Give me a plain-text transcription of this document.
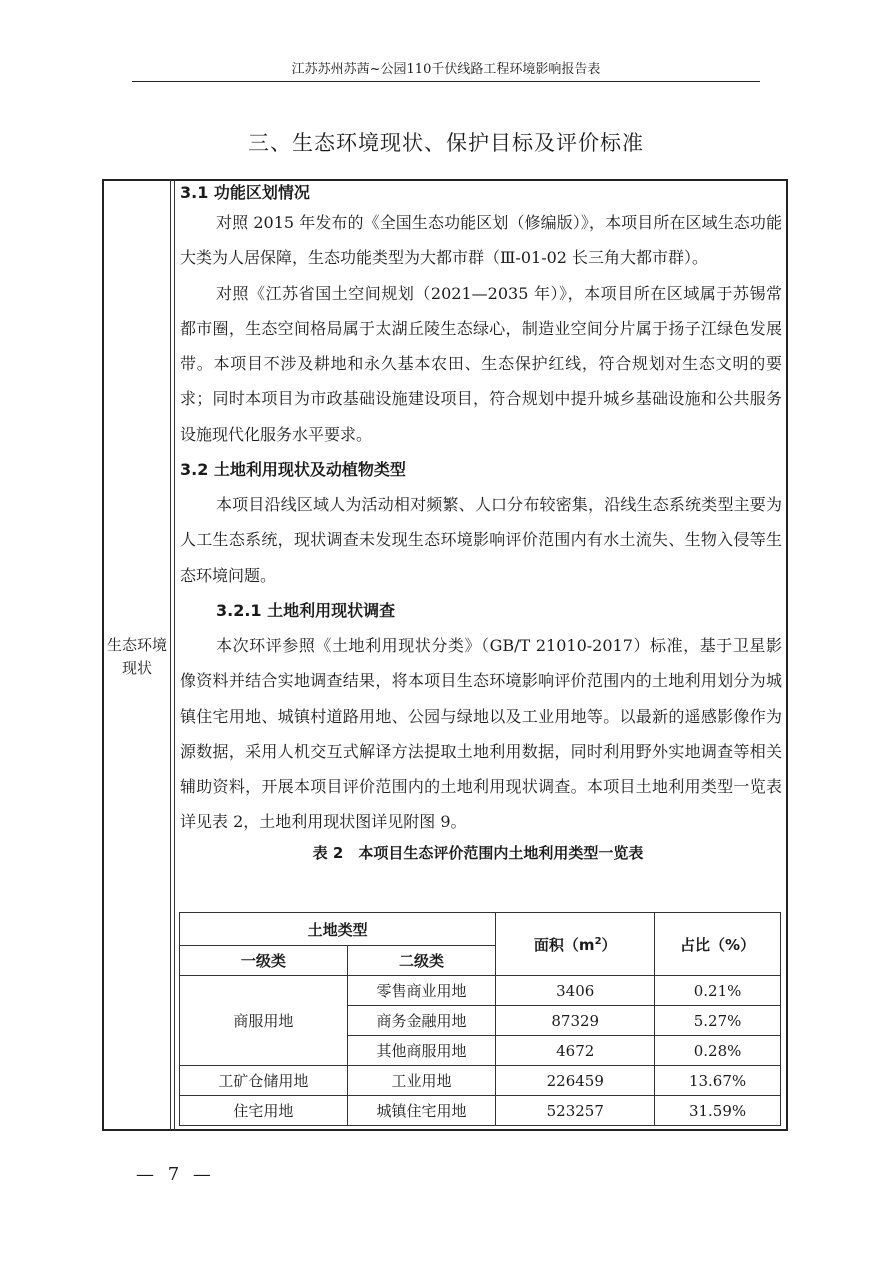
江苏苏州苏茜~公园110千伏线路工程环境影响报告表
三、生态环境现状、保护目标及评价标准
生态环境现状
3.1 功能区划情况

对照 2015 年发布的《全国生态功能区划（修编版）》，本项目所在区域生态功能大类为人居保障，生态功能类型为大都市群（Ⅲ-01-02 长三角大都市群）。

对照《江苏省国土空间规划（2021—2035 年）》，本项目所在区域属于苏锡常都市圈，生态空间格局属于太湖丘陵生态绿心，制造业空间分片属于扬子江绿色发展带。本项目不涉及耕地和永久基本农田、生态保护红线，符合规划对生态文明的要求；同时本项目为市政基础设施建设项目，符合规划中提升城乡基础设施和公共服务设施现代化服务水平要求。

3.2 土地利用现状及动植物类型

本项目沿线区域人为活动相对频繁、人口分布较密集，沿线生态系统类型主要为人工生态系统，现状调查未发现生态环境影响评价范围内有水土流失、生物入侵等生态环境问题。

3.2.1 土地利用现状调查

本次环评参照《土地利用现状分类》（GB/T 21010-2017）标准，基于卫星影像资料并结合实地调查结果，将本项目生态环境影响评价范围内的土地利用划分为城镇住宅用地、城镇村道路用地、公园与绿地以及工业用地等。以最新的遥感影像作为源数据，采用人机交互式解译方法提取土地利用数据，同时利用野外实地调查等相关辅助资料，开展本项目评价范围内的土地利用现状调查。本项目土地利用类型一览表详见表 2，土地利用现状图详见附图 9。

表 2　本项目生态评价范围内土地利用类型一览表
土地类型		面积$(m^2)$	占比（%）
一级类	二级类		
商服用地	零售商业用地	3406	0.21%
	商务金融用地	87329	5.27%
	其他商服用地	4672	0.28%
工矿仓储用地	工业用地	226459	13.67%
住宅用地	城镇住宅用地	523257	31.59%
— 7 —
